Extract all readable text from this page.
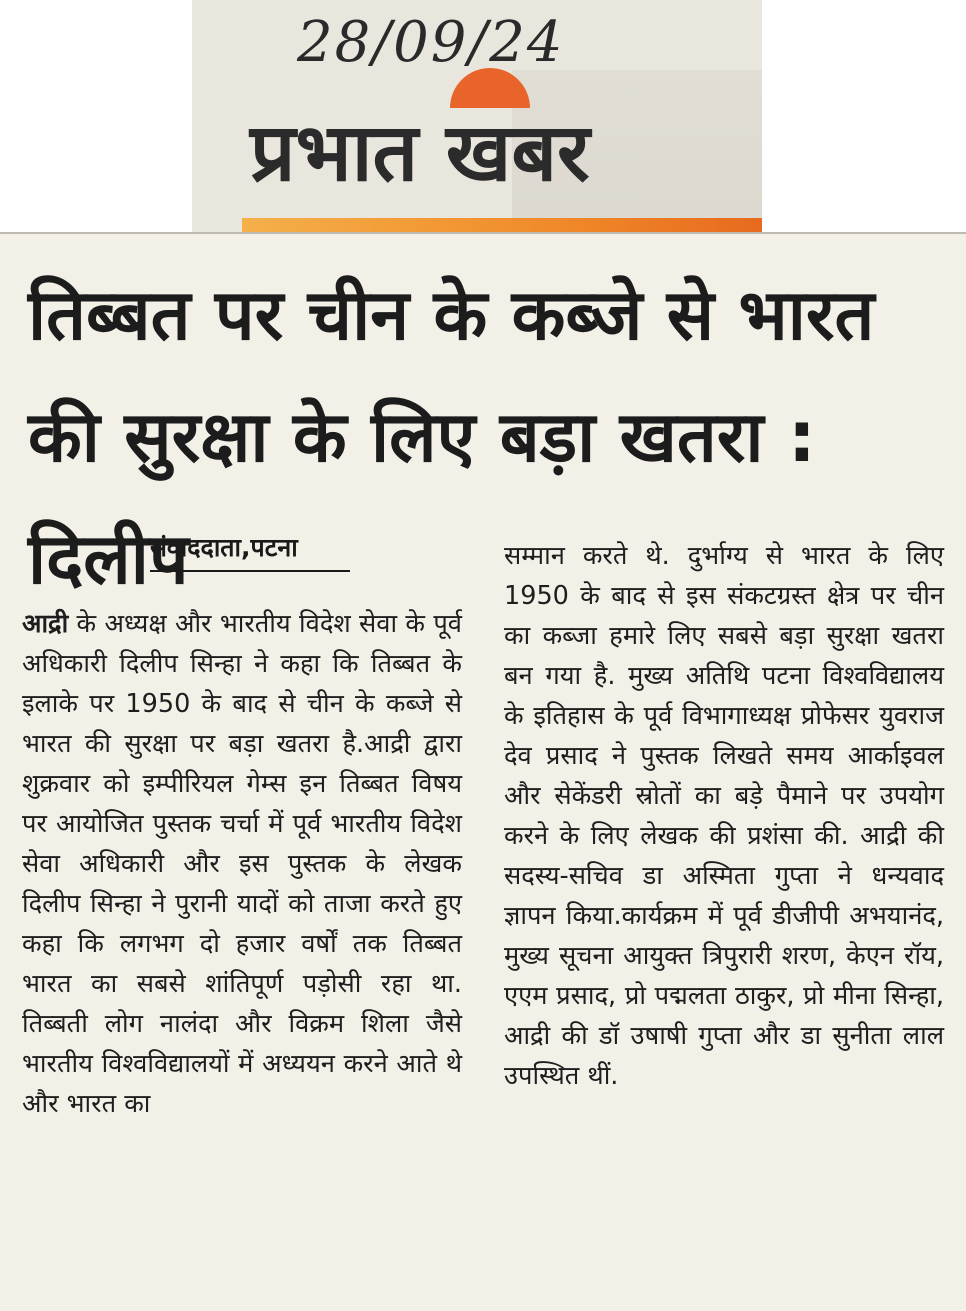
28/09/24
प्रभात खबर
तिब्बत पर चीन के कब्जे से भारत की सुरक्षा के लिए बड़ा खतरा : दिलीप
संवाददाता,पटना
आद्री के अध्यक्ष और भारतीय विदेश सेवा के पूर्व अधिकारी दिलीप सिन्हा ने कहा कि तिब्बत के इलाके पर 1950 के बाद से चीन के कब्जे से भारत की सुरक्षा पर बड़ा खतरा है.आद्री द्वारा शुक्रवार को इम्पीरियल गेम्स इन तिब्बत विषय पर आयोजित पुस्तक चर्चा में पूर्व भारतीय विदेश सेवा अधिकारी और इस पुस्तक के लेखक दिलीप सिन्हा ने पुरानी यादों को ताजा करते हुए कहा कि लगभग दो हजार वर्षों तक तिब्बत भारत का सबसे शांतिपूर्ण पड़ोसी रहा था. तिब्बती लोग नालंदा और विक्रम शिला जैसे भारतीय विश्वविद्यालयों में अध्ययन करने आते थे और भारत का
सम्मान करते थे. दुर्भाग्य से भारत के लिए 1950 के बाद से इस संकटग्रस्त क्षेत्र पर चीन का कब्जा हमारे लिए सबसे बड़ा सुरक्षा खतरा बन गया है. मुख्य अतिथि पटना विश्वविद्यालय के इतिहास के पूर्व विभागाध्यक्ष प्रोफेसर युवराज देव प्रसाद ने पुस्तक लिखते समय आर्काइवल और सेकेंडरी स्रोतों का बड़े पैमाने पर उपयोग करने के लिए लेखक की प्रशंसा की. आद्री की सदस्य-सचिव डा अस्मिता गुप्ता ने धन्यवाद ज्ञापन किया.कार्यक्रम में पूर्व डीजीपी अभयानंद, मुख्य सूचना आयुक्त त्रिपुरारी शरण, केएन रॉय, एएम प्रसाद, प्रो पद्मलता ठाकुर, प्रो मीना सिन्हा, आद्री की डॉ उषाषी गुप्ता और डा सुनीता लाल उपस्थित थीं.
